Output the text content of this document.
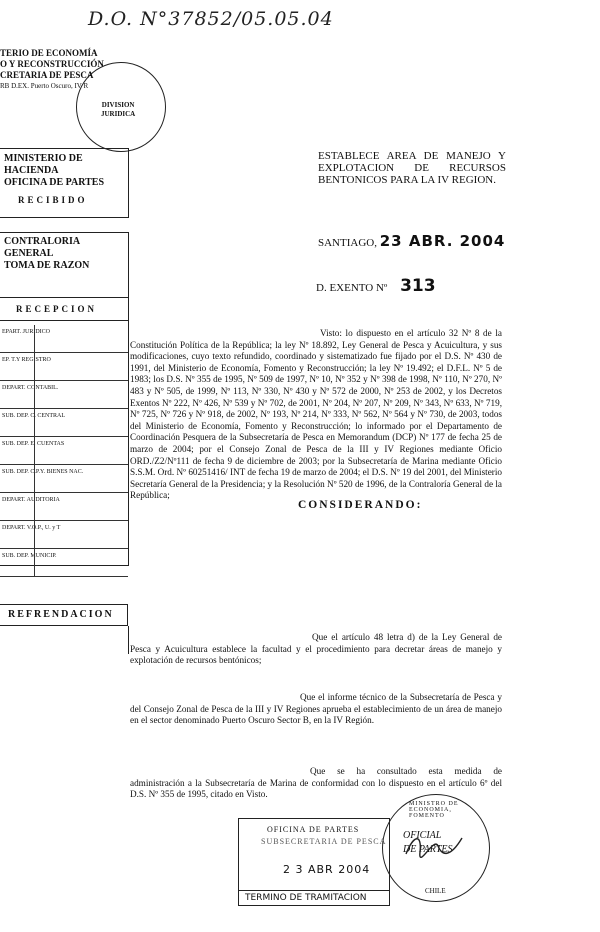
D.O. N°37852/05.05.04
TERIO DE ECONOMÍA
O Y RECONSTRUCCIÓN
CRETARIA DE PESCA
RB D.EX. Puerto Oscuro, IV R
DIVISION
JURIDICA
MINISTERIO DE HACIENDA
OFICINA DE PARTES
RECIBIDO
CONTRALORIA GENERAL
TOMA DE RAZON
RECEPCION
EPART. JURIDICO
EP. T.Y REGISTRO
DEPART. CONTABIL.
SUB. DEP. C. CENTRAL
SUB. DEP. E. CUENTAS
SUB. DEP. C.P.Y. BIENES NAC.
DEPART. AUDITORIA
DEPART. V.O.P., U. y T
SUB. DEP. MUNICIP.
REFRENDACION
ESTABLECE AREA DE MANEJO Y EXPLOTACION DE RECURSOS BENTONICOS PARA LA IV REGION.
SANTIAGO, 23 ABR. 2004
D. EXENTO Nº 313
Visto: lo dispuesto en el artículo 32 Nº 8 de la Constitución Política de la República; la ley Nº 18.892, Ley General de Pesca y Acuicultura, y sus modificaciones, cuyo texto refundido, coordinado y sistematizado fue fijado por el D.S. Nº 430 de 1991, del Ministerio de Economía, Fomento y Reconstrucción; la ley Nº 19.492; el D.F.L. Nº 5 de 1983; los D.S. Nº 355 de 1995, Nº 509 de 1997, Nº 10, Nº 352 y Nº 398 de 1998, Nº 110, Nº 270, Nº 483 y Nº 505, de 1999, Nº 113, Nº 330, Nº 430 y Nº 572 de 2000, Nº 253 de 2002, y los Decretos Exentos Nº 222, Nº 426, Nº 539 y Nº 702, de 2001, Nº 204, Nº 207, Nº 209, Nº 343, Nº 633, Nº 719, Nº 725, Nº 726 y Nº 918, de 2002, Nº 193, Nº 214, Nº 333, Nº 562, Nº 564 y Nº 730, de 2003, todos del Ministerio de Economía, Fomento y Reconstrucción; lo informado por el Departamento de Coordinación Pesquera de la Subsecretaría de Pesca en Memorandum (DCP) Nº 177 de fecha 25 de marzo de 2004; por el Consejo Zonal de Pesca de la III y IV Regiones mediante Oficio ORD./Z2/Nº111 de fecha 9 de diciembre de 2003; por la Subsecretaría de Marina mediante Oficio S.S.M. Ord. Nº 6025141​6/ INT de fecha 19 de marzo de 2004; el D.S. Nº 19 del 2001, del Ministerio Secretaría General de la Presidencia; y la Resolución Nº 520 de 1996, de la Contraloría General de la República;
CONSIDERANDO:
Que el artículo 48 letra d) de la Ley General de Pesca y Acuicultura establece la facultad y el procedimiento para decretar áreas de manejo y explotación de recursos bentónicos;
Que el informe técnico de la Subsecretaría de Pesca y del Consejo Zonal de Pesca de la III y IV Regiones aprueba el establecimiento de un área de manejo en el sector denominado Puerto Oscuro Sector B, en la IV Región.
Que se ha consultado esta medida de administración a la Subsecretaría de Marina de conformidad con lo dispuesto en el artículo 6º del D.S. Nº 355 de 1995, citado en Visto.
OFICINA DE PARTES
SUBSECRETARIA DE PESCA
2 3 ABR 2004
TERMINO DE TRAMITACION
MINISTRO DE ECONOMIA, FOMENTO
OFICIAL
DE PARTES
CHILE
